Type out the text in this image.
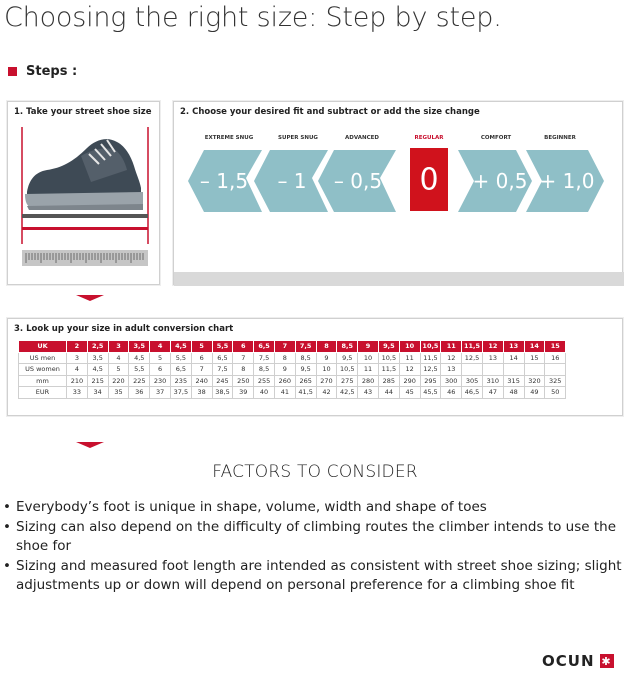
Choosing the right size: Step by step.
Steps :
1. Take your street shoe size	2. Choose your desired fit and subtract or add the size change
EXTREME SNUG	SUPER SNUG	ADVANCED	REGULAR	COMFORT	BEGINNER
– 1,5 – 1 – 0,5 0 + 0,5 + 1,0
3. Look up your size in adult conversion chart
UK	2	2,5	3	3,5	4	4,5	5	5,5	6	6,5	7	7,5	8	8,5	9	9,5	10	10,5	11	11,5	12	13	14	15
US men	3	3,5	4	4,5	5	5,5	6	6,5	7	7,5	8	8,5	9	9,5	10	10,5	11	11,5	12	12,5	13	14	15	16
US women	4	4,5	5	5,5	6	6,5	7	7,5	8	8,5	9	9,5	10	10,5	11	11,5	12	12,5	13					
mm	210	215	220	225	230	235	240	245	250	255	260	265	270	275	280	285	290	295	300	305	310	315	320	325
EUR	33	34	35	36	37	37,5	38	38,5	39	40	41	41,5	42	42,5	43	44	45	45,5	46	46,5	47	48	49	50
FACTORS TO CONSIDER
• Everybody’s foot is unique in shape, volume, width and shape of toes
• Sizing can also depend on the difficulty of climbing routes the climber intends to use the shoe for
• Sizing and measured foot length are intended as consistent with street shoe sizing; slight adjustments up or down will depend on personal preference for a climbing shoe fit
OCUN ✱
